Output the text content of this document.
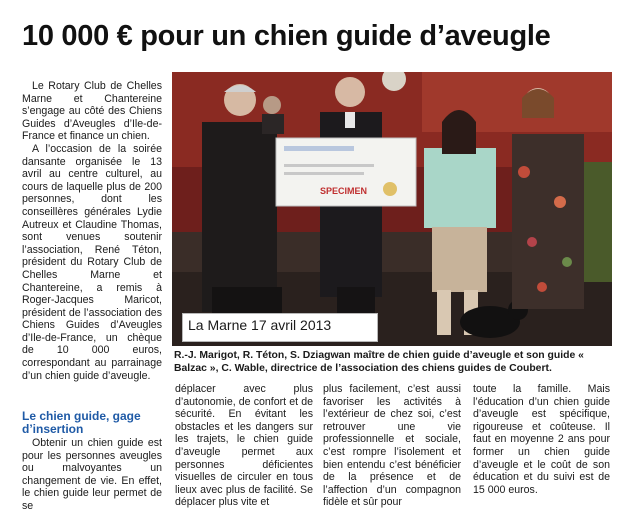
10 000 € pour un chien guide d’aveugle

Le Rotary Club de Chelles Marne et Chantereine s’engage au côté des Chiens Guides d’Aveugles d’Ile-de-France et finance un chien.

A l’occasion de la soirée dansante organisée le 13 avril au centre culturel, au cours de laquelle plus de 200 personnes, dont les conseillères générales Lydie Autreux et Claudine Thomas, sont venues soutenir l’association, René Téton, président du Rotary Club de Chelles Marne et Chantereine, a remis à Roger-Jacques Maricot, président de l’association des Chiens Guides d’Aveugles d’Ile-de-France, un chèque de 10 000 euros, correspondant au parrainage d’un chien guide d’aveugle.

Le chien guide, gage d’insertion

Obtenir un chien guide est pour les personnes aveugles ou malvoyantes un changement de vie. En effet, le chien guide leur permet de se

SPECIMEN
La Marne 17 avril 2013

R.-J. Marigot, R. Téton, S. Dziagwan maître de chien guide d’aveugle et son guide « Balzac », C. Wable, directrice de l’association des chiens guides de Coubert.

déplacer avec plus d’autonomie, de confort et de sécurité. En évitant les obstacles et les dangers sur les trajets, le chien guide d’aveugle permet aux personnes déficientes visuelles de circuler en tous lieux avec plus de facilité. Se déplacer plus vite et

plus facilement, c’est aussi favoriser les activités à l’extérieur de chez soi, c’est retrouver une vie professionnelle et sociale, c’est rompre l’isolement et bien entendu c’est bénéficier de la présence et de l’affection d’un compagnon fidèle et sûr pour

toute la famille. Mais l’éducation d’un chien guide d’aveugle est spécifique, rigoureuse et coûteuse. Il faut en moyenne 2 ans pour former un chien guide d’aveugle et le coût de son éducation et du suivi est de 15 000 euros.
